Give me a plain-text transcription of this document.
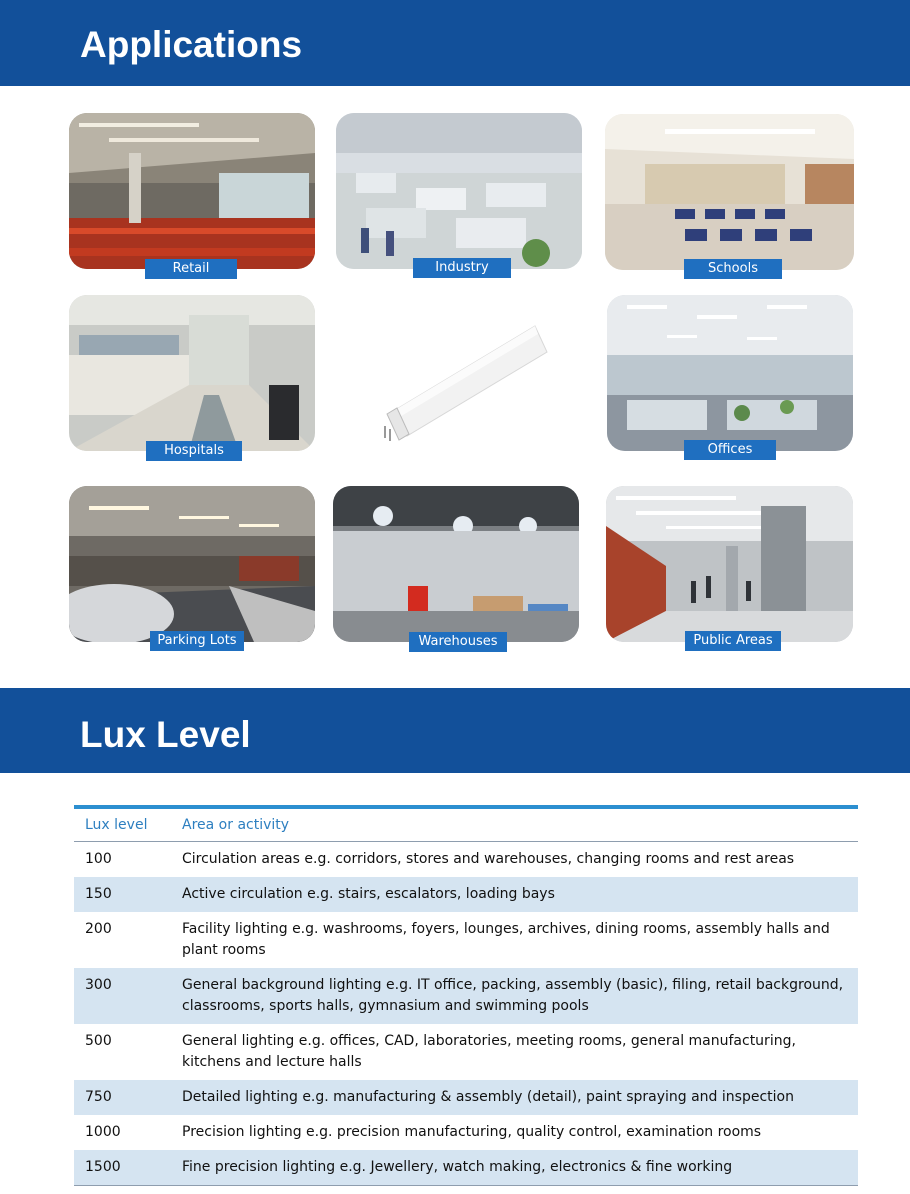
Applications
Retail	Industry	Schools
Hospitals	Offices
Parking Lots	Warehouses	Public Areas
Lux Level
Lux level	Area or activity
100	Circulation areas e.g. corridors, stores and warehouses, changing rooms and rest areas
150	Active circulation e.g. stairs, escalators, loading bays
200	Facility lighting e.g. washrooms, foyers, lounges, archives, dining rooms, assembly halls and plant rooms
300	General background lighting e.g. IT office, packing, assembly (basic), filing, retail background, classrooms, sports halls, gymnasium and swimming pools
500	General lighting e.g. offices, CAD, laboratories, meeting rooms, general manufacturing, kitchens and lecture halls
750	Detailed lighting e.g. manufacturing & assembly (detail), paint spraying and inspection
1000	Precision lighting e.g. precision manufacturing, quality control, examination rooms
1500	Fine precision lighting e.g. Jewellery, watch making, electronics & fine working
